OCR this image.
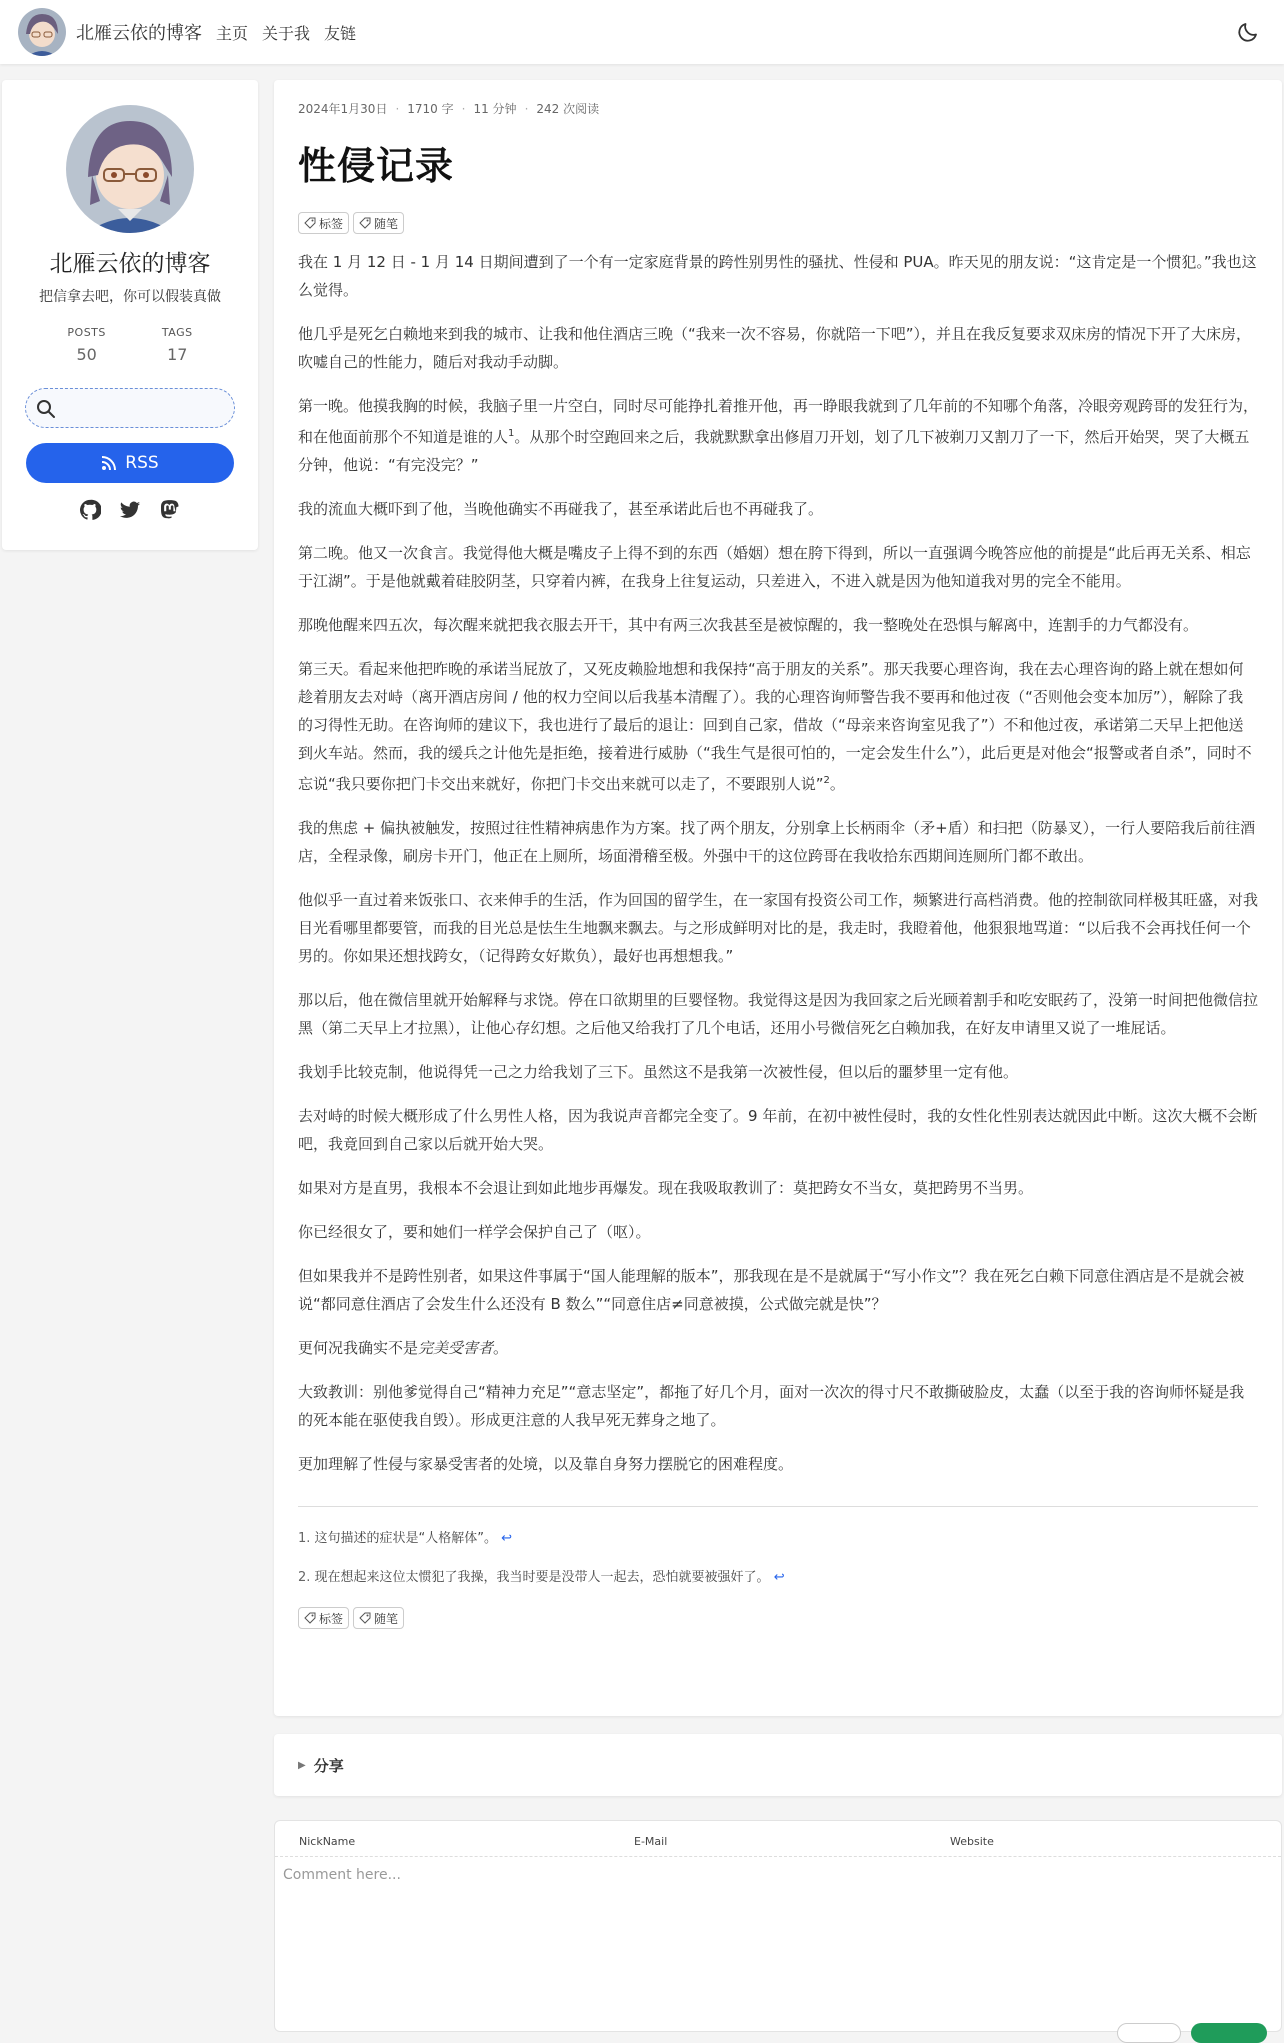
北雁云依的博客 主页 关于我 友链
北雁云依的博客
把信拿去吧，你可以假装真做
POSTS
50
TAGS
17
RSS
2024年1月30日 · 1710 字 · 11 分钟 · 242 次阅读
性侵记录
标签	随笔

我在 1 月 12 日 - 1 月 14 日期间遭到了一个有一定家庭背景的跨性别男性的骚扰、性侵和 PUA。昨天见的朋友说：“这肯定是一个惯犯。”我也这么觉得。

他几乎是死乞白赖地来到我的城市、让我和他住酒店三晚（“我来一次不容易，你就陪一下吧”），并且在我反复要求双床房的情况下开了大床房，吹嘘自己的性能力，随后对我动手动脚。

第一晚。他摸我胸的时候，我脑子里一片空白，同时尽可能挣扎着推开他，再一睁眼我就到了几年前的不知哪个角落，冷眼旁观跨哥的发狂行为，和在他面前那个不知道是谁的人$^1$。从那个时空跑回来之后，我就默默拿出修眉刀开划，划了几下被剃刀又割刀了一下，然后开始哭，哭了大概五分钟，他说：“有完没完？”

我的流血大概吓到了他，当晚他确实不再碰我了，甚至承诺此后也不再碰我了。

第二晚。他又一次食言。我觉得他大概是嘴皮子上得不到的东西（婚姻）想在胯下得到，所以一直强调今晚答应他的前提是“此后再无关系、相忘于江湖”。于是他就戴着硅胶阴茎，只穿着内裤，在我身上往复运动，只差进入，不进入就是因为他知道我对男的完全不能用。

那晚他醒来四五次，每次醒来就把我衣服去开干，其中有两三次我甚至是被惊醒的，我一整晚处在恐惧与解离中，连割手的力气都没有。

第三天。看起来他把昨晚的承诺当屁放了，又死皮赖脸地想和我保持“高于朋友的关系”。那天我要心理咨询，我在去心理咨询的路上就在想如何趁着朋友去对峙（离开酒店房间 / 他的权力空间以后我基本清醒了）。我的心理咨询师警告我不要再和他过夜（“否则他会变本加厉”），解除了我的习得性无助。在咨询师的建议下，我也进行了最后的退让：回到自己家，借故（“母亲来咨询室见我了”）不和他过夜，承诺第二天早上把他送到火车站。然而，我的缓兵之计他先是拒绝，接着进行威胁（“我生气是很可怕的，一定会发生什么”），此后更是对他会“报警或者自杀”，同时不忘说“我只要你把门卡交出来就好，你把门卡交出来就可以走了，不要跟别人说”$^2$。

我的焦虑 + 偏执被触发，按照过往性精神病患作为方案。找了两个朋友，分别拿上长柄雨伞（矛+盾）和扫把（防暴叉），一行人要陪我后前往酒店，全程录像，刷房卡开门，他正在上厕所，场面滑稽至极。外强中干的这位跨哥在我收拾东西期间连厕所门都不敢出。

他似乎一直过着来饭张口、衣来伸手的生活，作为回国的留学生，在一家国有投资公司工作，频繁进行高档消费。他的控制欲同样极其旺盛，对我目光看哪里都要管，而我的目光总是怯生生地飘来飘去。与之形成鲜明对比的是，我走时，我瞪着他，他狠狠地骂道：“以后我不会再找任何一个男的。你如果还想找跨女，（记得跨女好欺负），最好也再想想我。”

那以后，他在微信里就开始解释与求饶。停在口欲期里的巨婴怪物。我觉得这是因为我回家之后光顾着割手和吃安眠药了，没第一时间把他微信拉黑（第二天早上才拉黑），让他心存幻想。之后他又给我打了几个电话，还用小号微信死乞白赖加我，在好友申请里又说了一堆屁话。

我划手比较克制，他说得凭一己之力给我划了三下。虽然这不是我第一次被性侵，但以后的噩梦里一定有他。

去对峙的时候大概形成了什么男性人格，因为我说声音都完全变了。9 年前，在初中被性侵时，我的女性化性别表达就因此中断。这次大概不会断吧，我竟回到自己家以后就开始大哭。

如果对方是直男，我根本不会退让到如此地步再爆发。现在我吸取教训了：莫把跨女不当女，莫把跨男不当男。

你已经很女了，要和她们一样学会保护自己了（呕）。

但如果我并不是跨性别者，如果这件事属于“国人能理解的版本”，那我现在是不是就属于“写小作文”？我在死乞白赖下同意住酒店是不是就会被说“都同意住酒店了会发生什么还没有 B 数么”“同意住店≠同意被摸，公式做完就是快”？

更何况我确实不是完美受害者。

大致教训：别他爹觉得自己“精神力充足”“意志坚定”，都拖了好几个月，面对一次次的得寸尺不敢撕破脸皮，太蠢（以至于我的咨询师怀疑是我的死本能在驱使我自毁）。形成更注意的人我早死无葬身之地了。

更加理解了性侵与家暴受害者的处境，以及靠自身努力摆脱它的困难程度。

1. 这句描述的症状是“人格解体”。 ↩
2. 现在想起来这位太惯犯了我操，我当时要是没带人一起去，恐怕就要被强奸了。 ↩
标签	随笔
▶ 分享
NickName	E-Mail	Website
Comment here...
